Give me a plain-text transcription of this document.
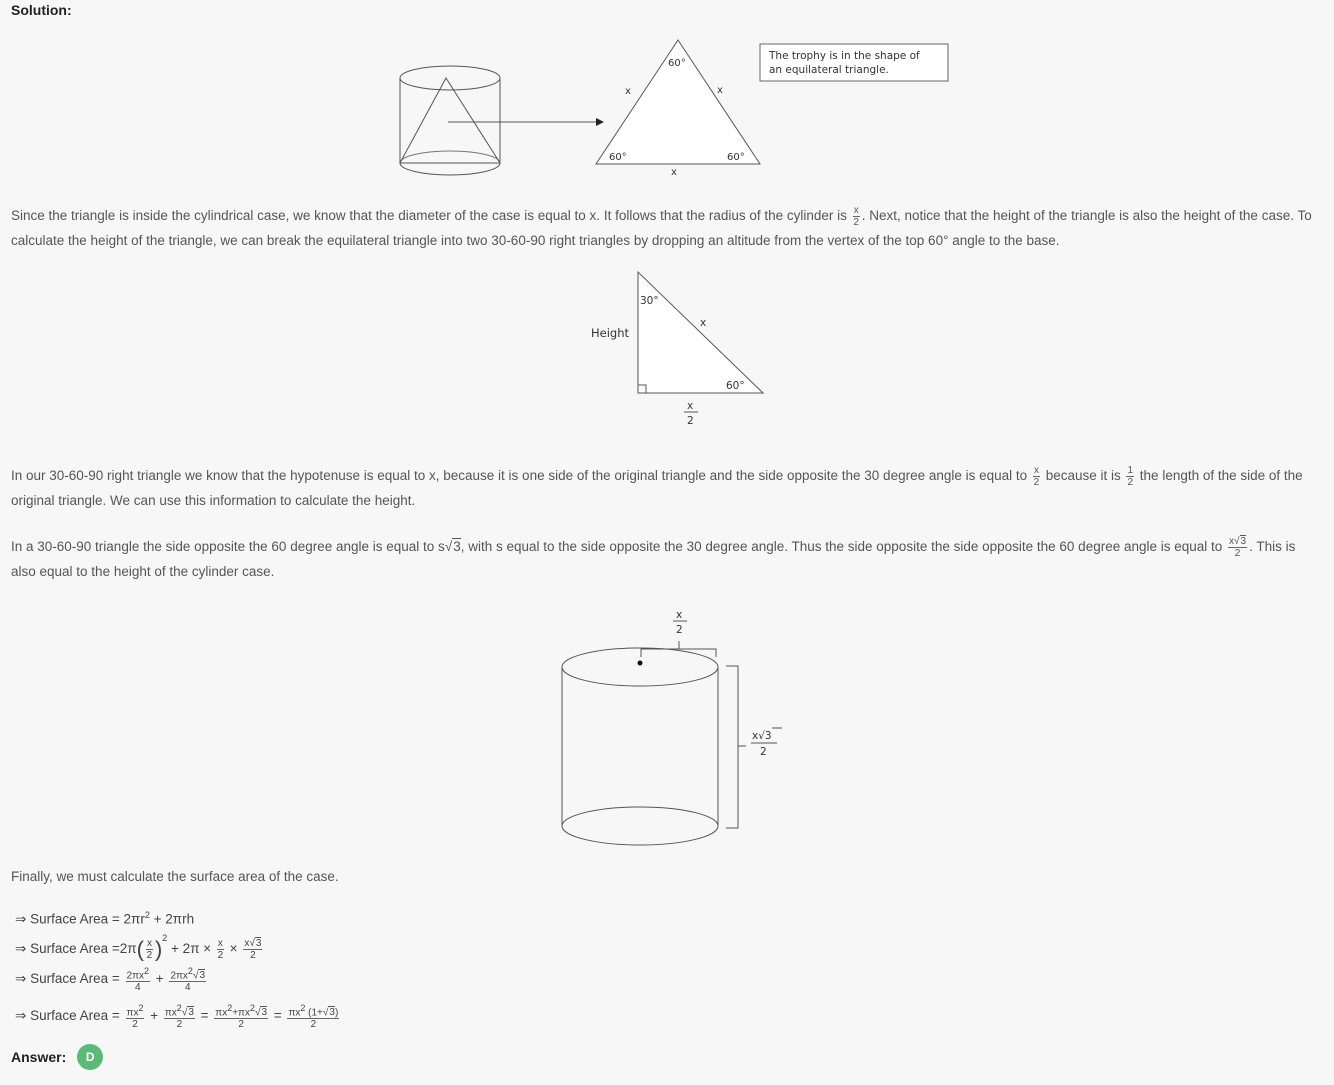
Solution:
60°
60°	60°
x	x
x
The trophy is in the shape of
an equilateral triangle.
Since the triangle is inside the cylindrical case, we know that the diameter of the case is equal to x. It follows that the radius of the cylinder is $\frac{x}{2}$ . Next, notice that the height of the triangle is also the height of the case. To calculate the height of the triangle, we can break the equilateral triangle into two 30-60-90 right triangles by dropping an altitude from the vertex of the top 60° angle to the base.
30°
60°
x
Height
x
2
In our 30-60-90 right triangle we know that the hypotenuse is equal to x, because it is one side of the original triangle and the side opposite the 30 degree angle is equal to $\frac{x}{2}$ because it is $\frac{1}{2}$ the length of the side of the original triangle. We can use this information to calculate the height.
In a 30-60-90 triangle the side opposite the 60 degree angle is equal to s√3, with s equal to the side opposite the 30 degree angle. Thus the side opposite the side opposite the 60 degree angle is equal to $\frac{x√3}{2}$ . This is also equal to the height of the cylinder case.
x
2
x√3
2
Finally, we must calculate the surface area of the case.
⇒ Surface Area = $2\pi r^2 + 2\pi rh$
⇒ Surface Area $=2\pi( \frac{x}{2} )^2 + 2\pi \times \frac{x}{2} \times \frac{x√3}{2}$
⇒ Surface Area = $\frac{2\pi x^2}{4} + \frac{2\pi x^2√3}{4}$
⇒ Surface Area = $\frac{\pi x^2}{2} + \frac{\pi x^2√3}{2} = \frac{\pi x^2+\pi x^2√3}{2} = \frac{\pi x^2 (1+√3)}{2}$
Answer:	D
